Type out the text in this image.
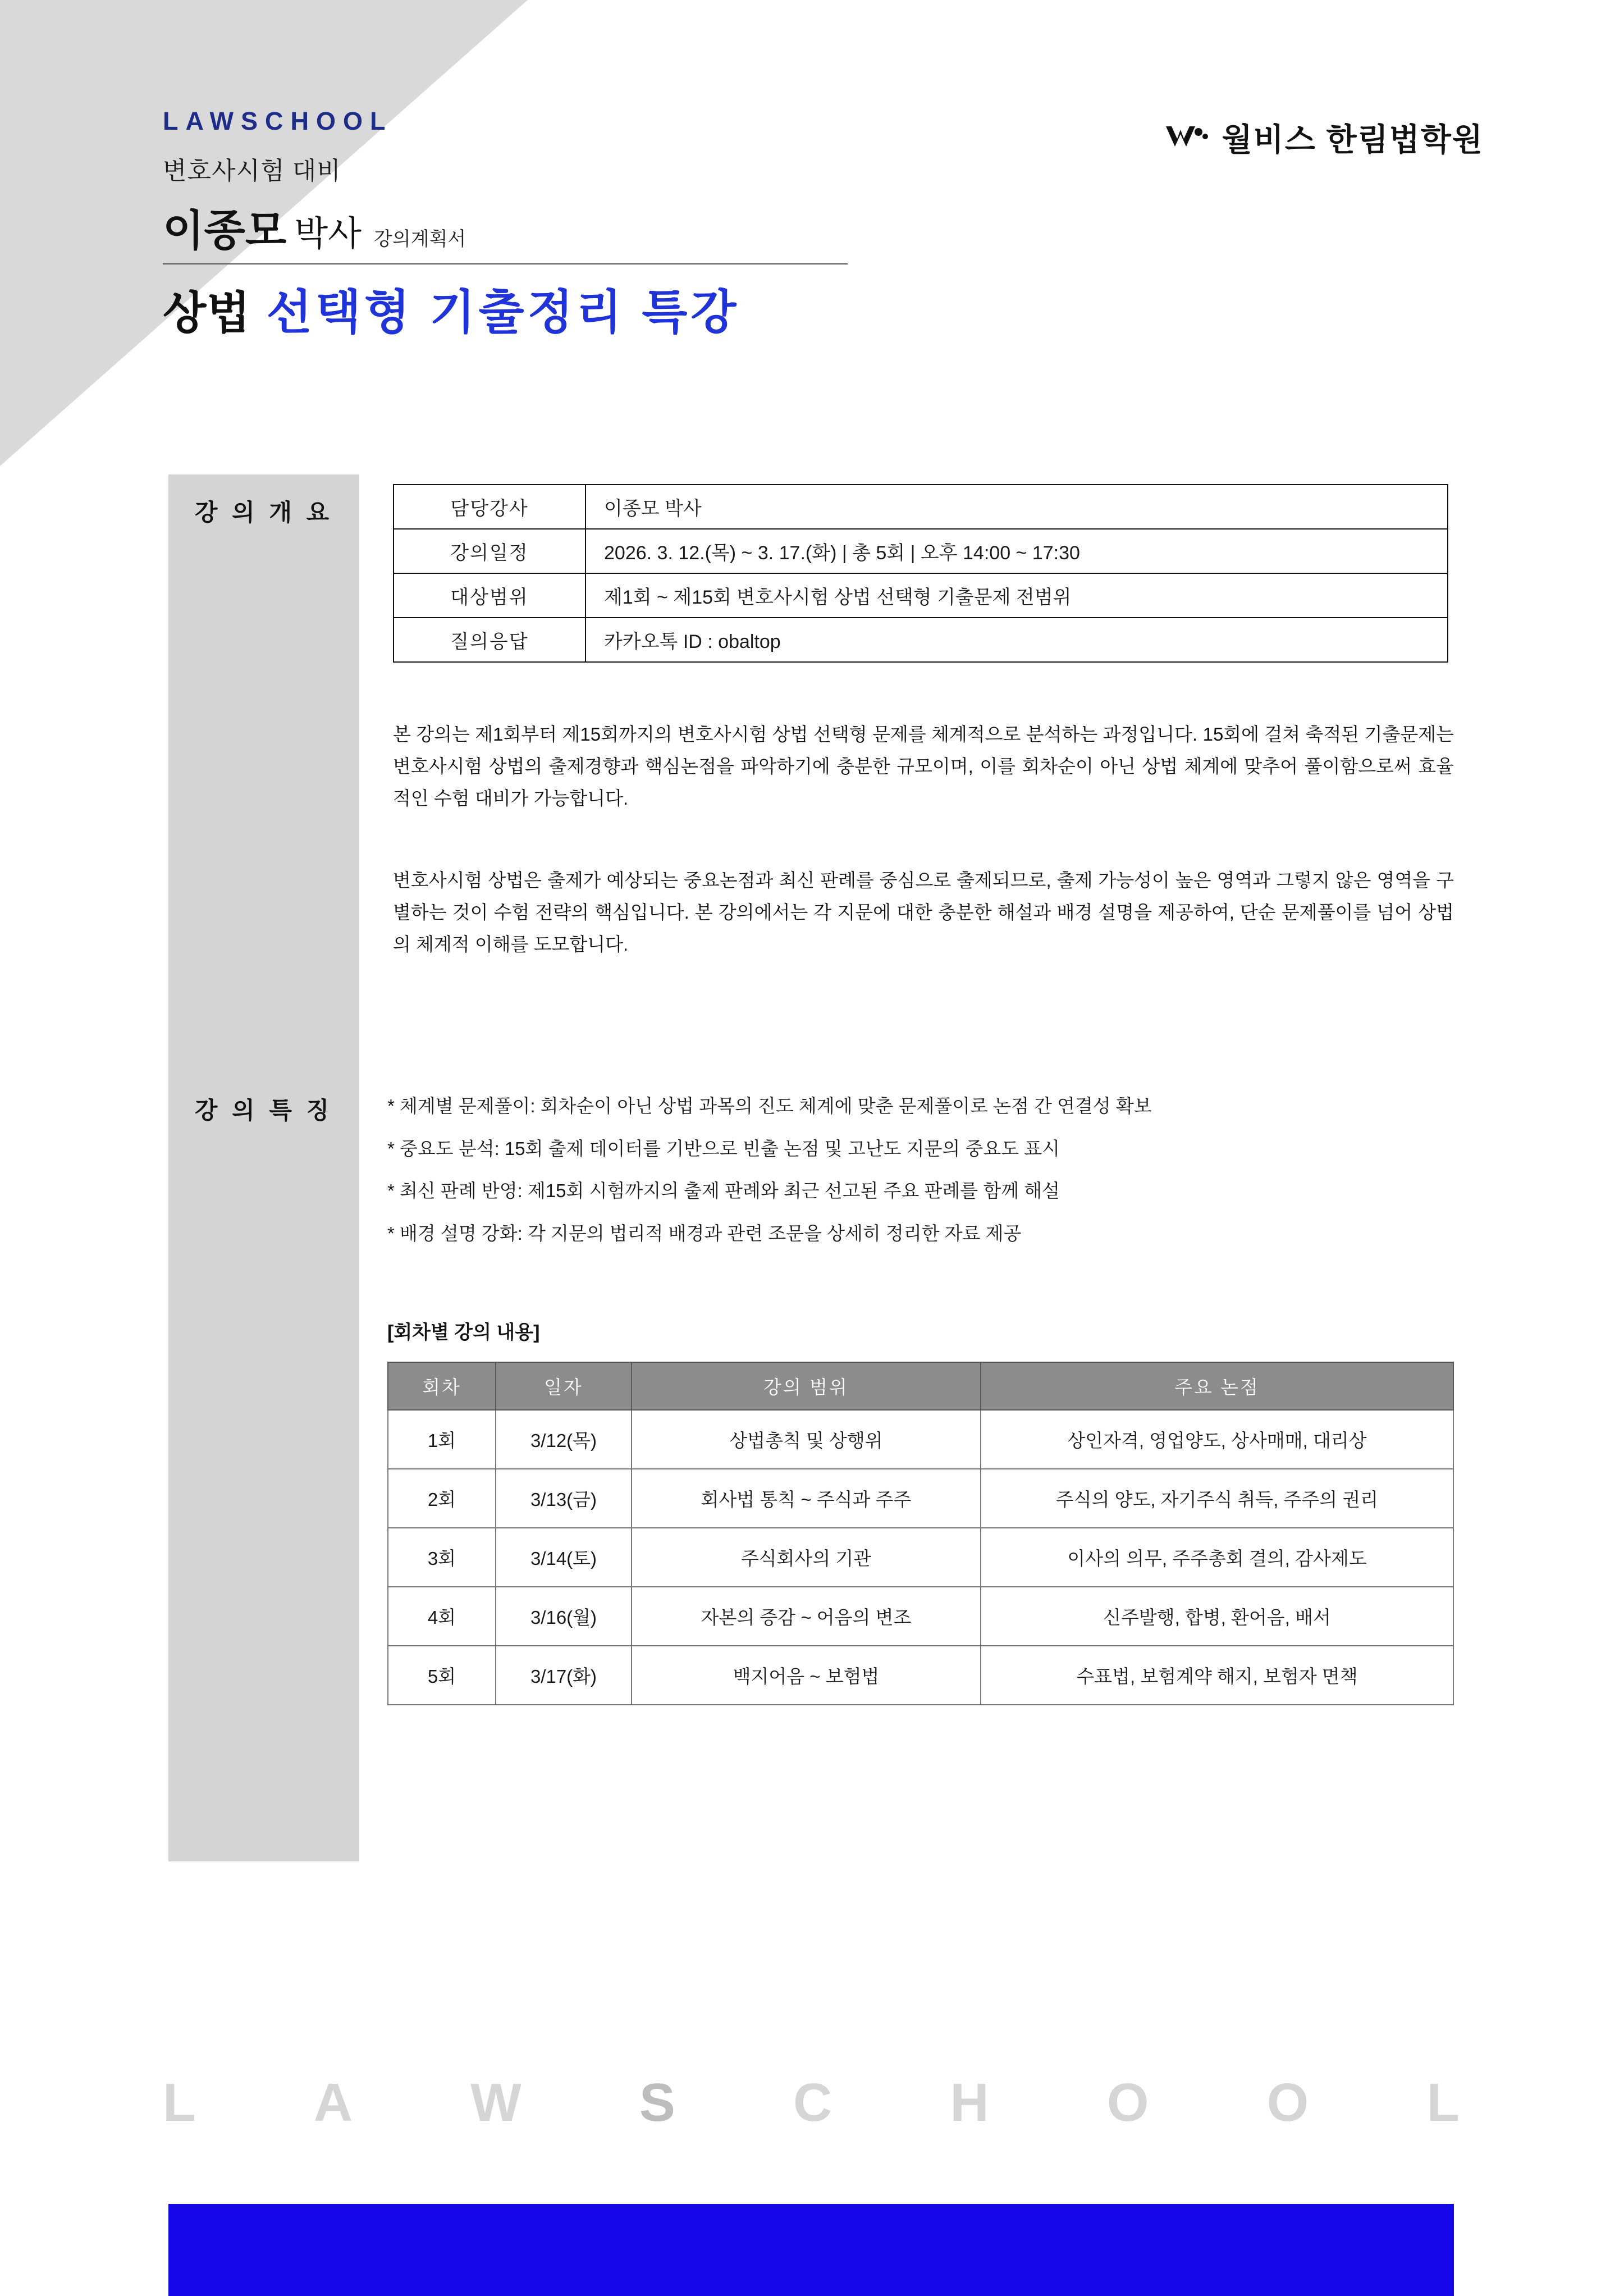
LAWSCHOOL
변호사시험 대비
이종모 박사 강의계획서
상법 선택형 기출정리 특강
월비스 한림법학원
강 의 개 요
강 의 특 징
담당강사	이종모 박사
강의일정	2026. 3. 12.(목) ~ 3. 17.(화) | 총 5회 | 오후 14:00 ~ 17:30
대상범위	제1회 ~ 제15회 변호사시험 상법 선택형 기출문제 전범위
질의응답	카카오톡 ID : obaltop
본 강의는 제1회부터 제15회까지의 변호사시험 상법 선택형 문제를 체계적으로 분석하는 과정입니다. 15회에 걸쳐 축적된 기출문제는 변호사시험 상법의 출제경향과 핵심논점을 파악하기에 충분한 규모이며, 이를 회차순이 아닌 상법 체계에 맞추어 풀이함으로써 효율적인 수험 대비가 가능합니다.
변호사시험 상법은 출제가 예상되는 중요논점과 최신 판례를 중심으로 출제되므로, 출제 가능성이 높은 영역과 그렇지 않은 영역을 구별하는 것이 수험 전략의 핵심입니다. 본 강의에서는 각 지문에 대한 충분한 해설과 배경 설명을 제공하여, 단순 문제풀이를 넘어 상법의 체계적 이해를 도모합니다.
* 체계별 문제풀이: 회차순이 아닌 상법 과목의 진도 체계에 맞춘 문제풀이로 논점 간 연결성 확보
* 중요도 분석: 15회 출제 데이터를 기반으로 빈출 논점 및 고난도 지문의 중요도 표시
* 최신 판례 반영: 제15회 시험까지의 출제 판례와 최근 선고된 주요 판례를 함께 해설
* 배경 설명 강화: 각 지문의 법리적 배경과 관련 조문을 상세히 정리한 자료 제공
[회차별 강의 내용]
회차	일자	강의 범위	주요 논점
1회	3/12(목)	상법총칙 및 상행위	상인자격, 영업양도, 상사매매, 대리상
2회	3/13(금)	회사법 통칙 ~ 주식과 주주	주식의 양도, 자기주식 취득, 주주의 권리
3회	3/14(토)	주식회사의 기관	이사의 의무, 주주총회 결의, 감사제도
4회	3/16(월)	자본의 증감 ~ 어음의 변조	신주발행, 합병, 환어음, 배서
5회	3/17(화)	백지어음 ~ 보험법	수표법, 보험계약 해지, 보험자 면책
L A W S C H O O L
